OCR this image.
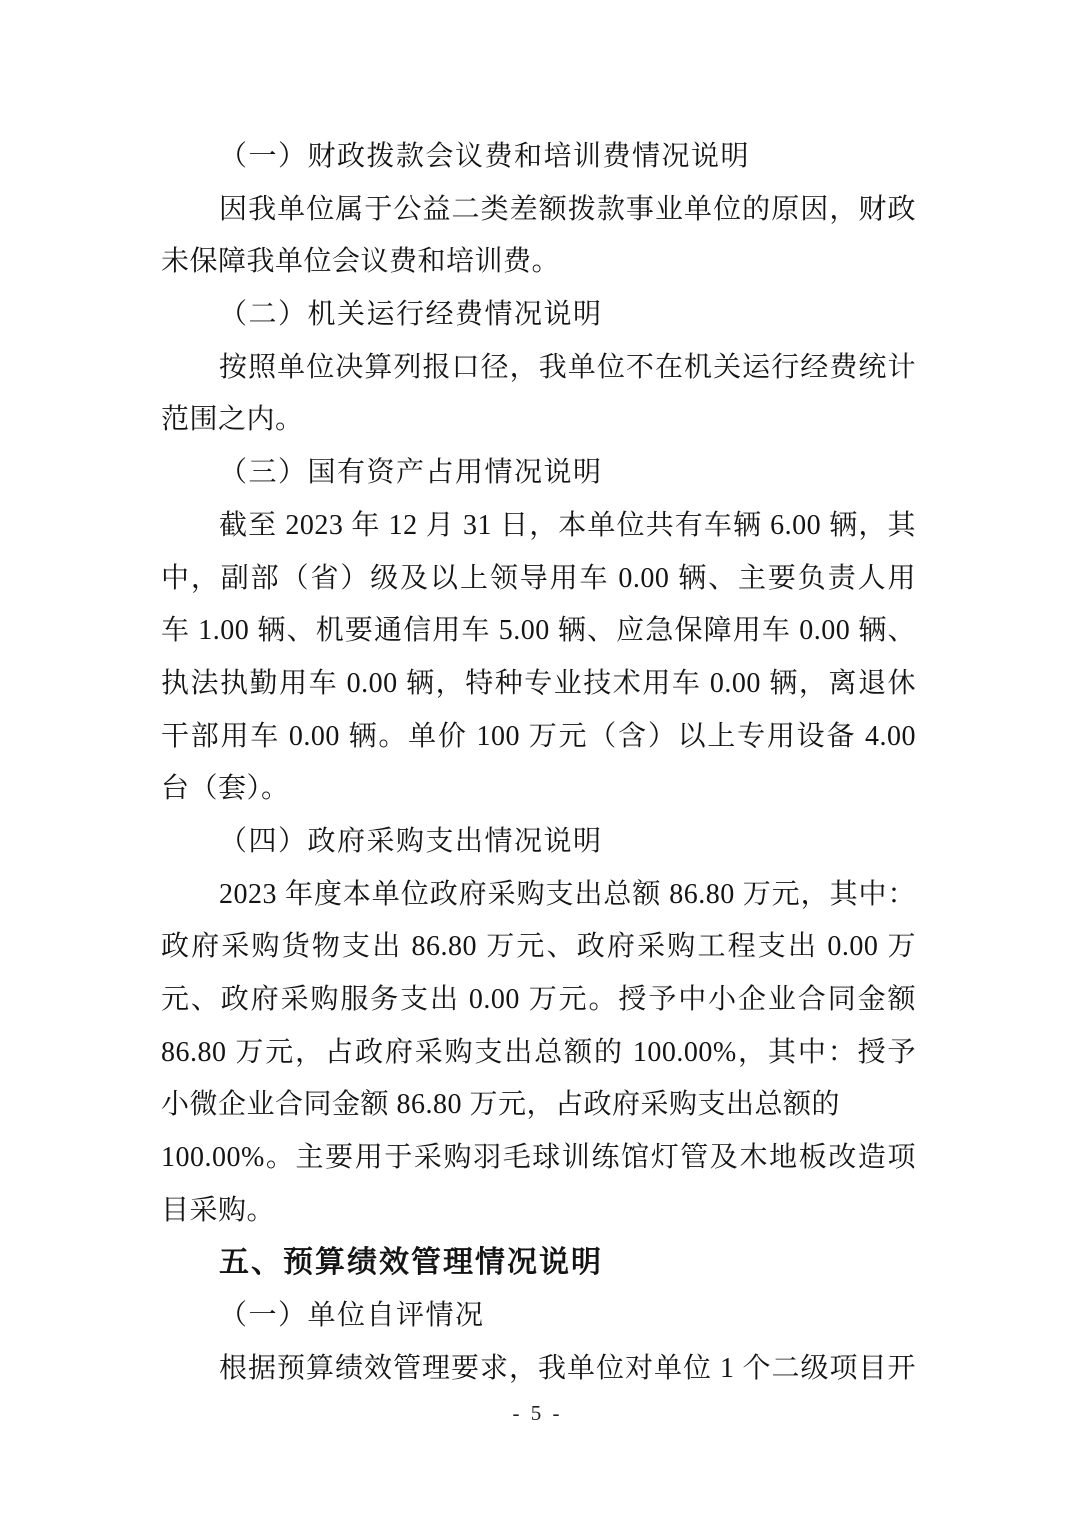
（一）财政拨款会议费和培训费情况说明
因我单位属于公益二类差额拨款事业单位的原因，财政
未保障我单位会议费和培训费。
（二）机关运行经费情况说明
按照单位决算列报口径，我单位不在机关运行经费统计
范围之内。
（三）国有资产占用情况说明
截至 2023 年 12 月 31 日，本单位共有车辆 6.00 辆，其
中，副部（省）级及以上领导用车 0.00 辆、主要负责人用
车 1.00 辆、机要通信用车 5.00 辆、应急保障用车 0.00 辆、
执法执勤用车 0.00 辆，特种专业技术用车 0.00 辆，离退休
干部用车 0.00 辆。单价 100 万元（含）以上专用设备 4.00
台（套）。
（四）政府采购支出情况说明
2023 年度本单位政府采购支出总额 86.80 万元，其中：
政府采购货物支出 86.80 万元、政府采购工程支出 0.00 万
元、政府采购服务支出 0.00 万元。授予中小企业合同金额
86.80 万元，占政府采购支出总额的 100.00%，其中：授予
小微企业合同金额 86.80 万元，占政府采购支出总额的
100.00%。主要用于采购羽毛球训练馆灯管及木地板改造项
目采购。
五、预算绩效管理情况说明
（一）单位自评情况
根据预算绩效管理要求，我单位对单位 1 个二级项目开
- 5 -
